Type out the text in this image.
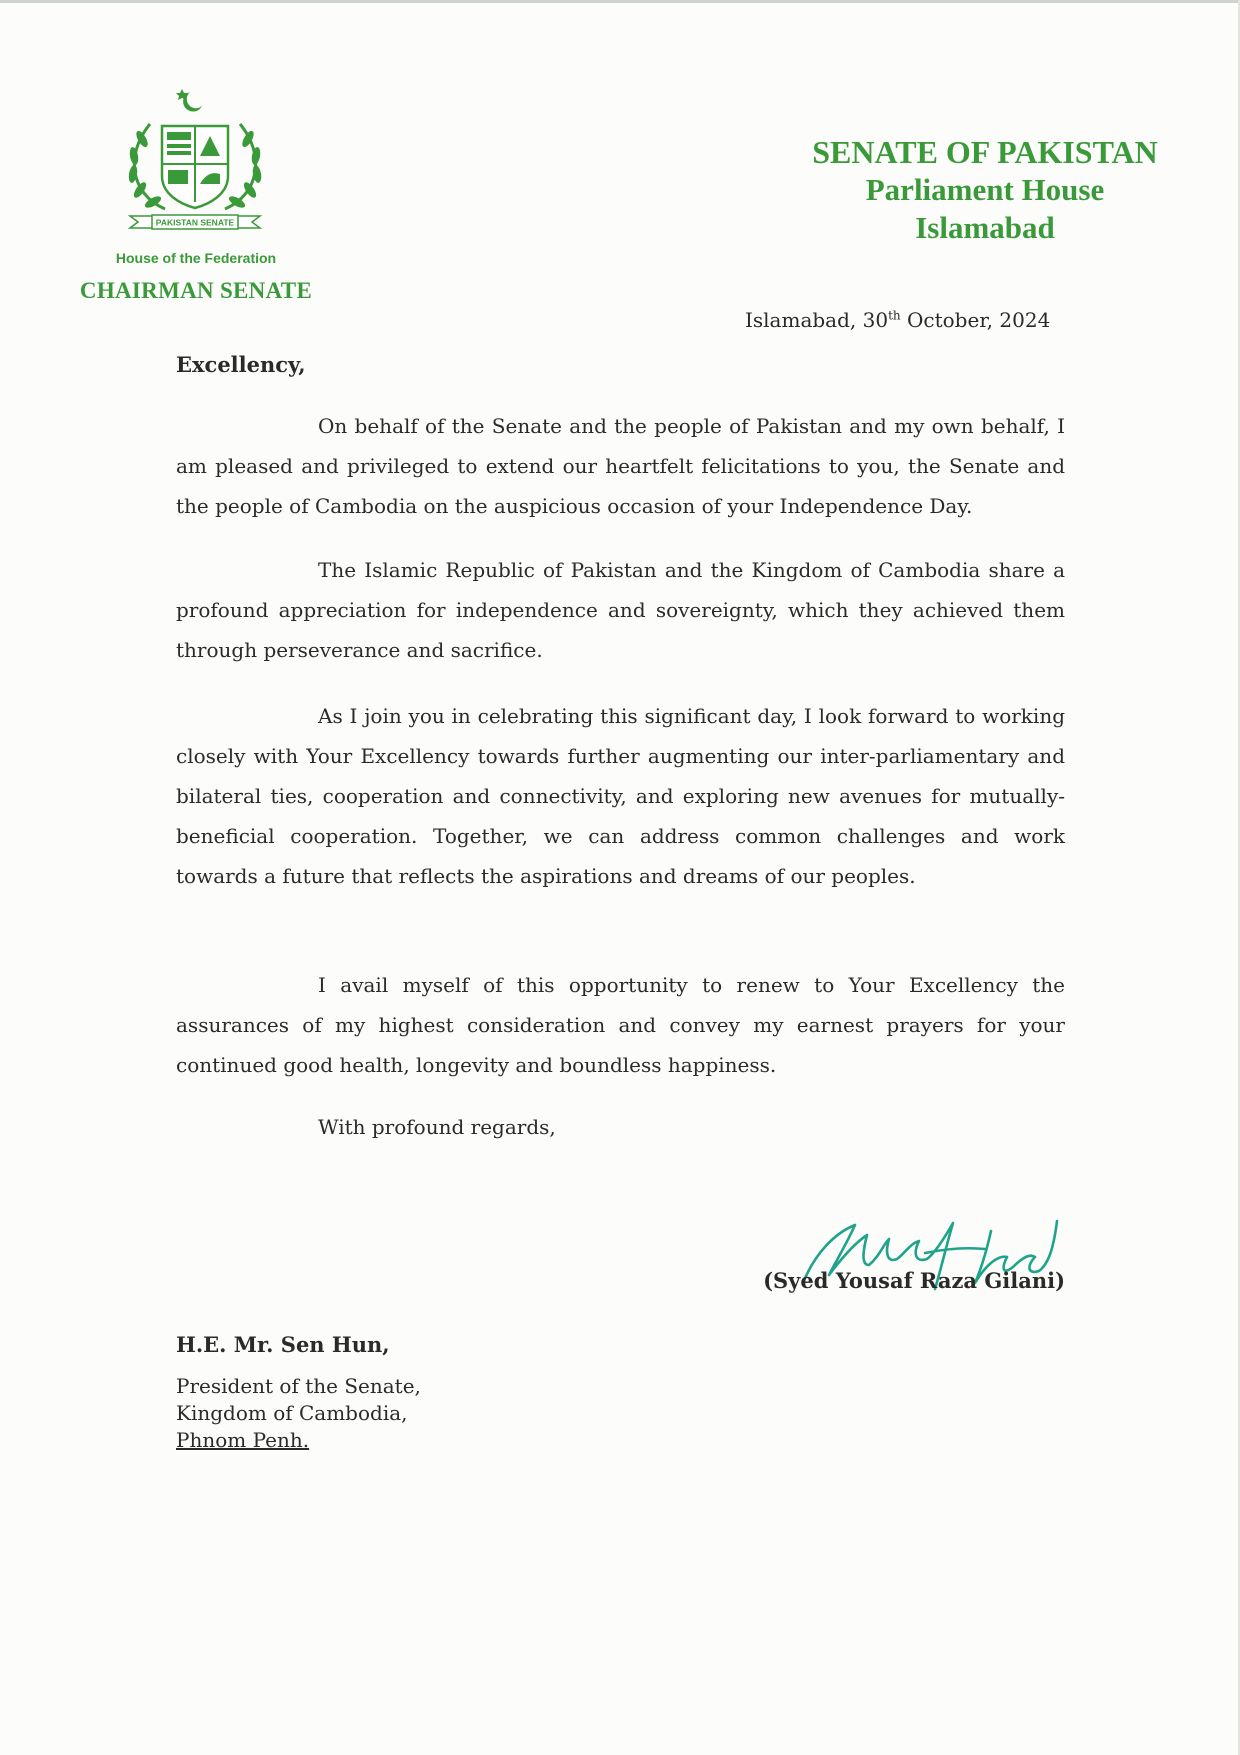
PAKISTAN SENATE
House of the Federation
CHAIRMAN SENATE
SENATE OF PAKISTAN
Parliament House
Islamabad
Islamabad, 30th October, 2024
Excellency,

On behalf of the Senate and the people of Pakistan and my own behalf, I am pleased and privileged to extend our heartfelt felicitations to you, the Senate and the people of Cambodia on the auspicious occasion of your Independence Day.

The Islamic Republic of Pakistan and the Kingdom of Cambodia share a profound appreciation for independence and sovereignty, which they achieved them through perseverance and sacrifice.

As I join you in celebrating this significant day, I look forward to working closely with Your Excellency towards further augmenting our inter-parliamentary and bilateral ties, cooperation and connectivity, and exploring new avenues for mutually-beneficial cooperation. Together, we can address common challenges and work towards a future that reflects the aspirations and dreams of our peoples.

I avail myself of this opportunity to renew to Your Excellency the assurances of my highest consideration and convey my earnest prayers for your continued good health, longevity and boundless happiness.

With profound regards,
(Syed Yousaf Raza Gilani)
H.E. Mr. Sen Hun,
President of the Senate,
Kingdom of Cambodia,
Phnom Penh.
